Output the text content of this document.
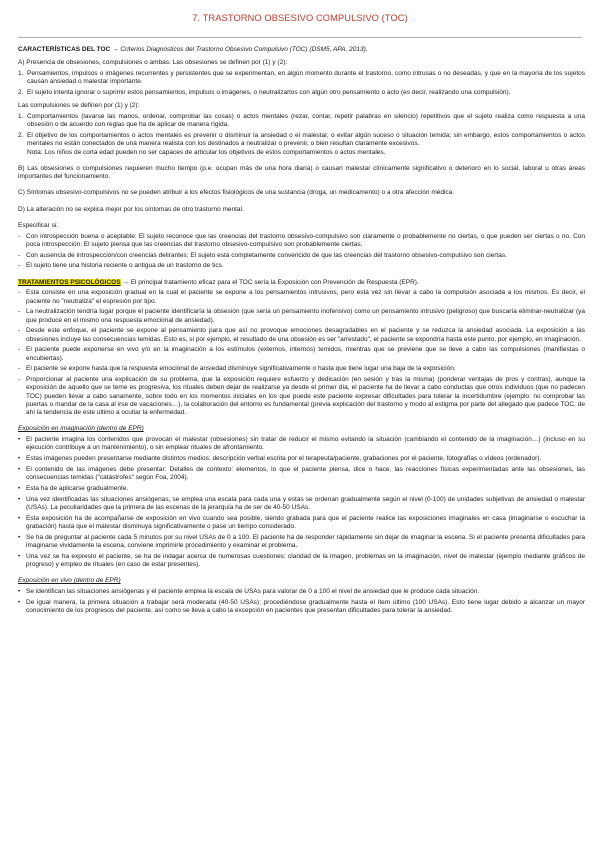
7. TRASTORNO OBSESIVO COMPULSIVO (TOC)

CARACTERÍSTICAS DEL TOC → Criterios Diagnósticos del Trastorno Obsesivo Compulsivo (TOC) (DSM5, APA, 2013).

A) Presencia de obsesiones, compulsiones o ambas: Las obsesiones se definen por (1) y (2):

1. Pensamientos, impulsos o imágenes recurrentes y persistentes que se experimentan, en algún momento durante el trastorno, como intrusas o no deseadas, y que en la mayoría de los sujetos causan ansiedad o malestar importante.
2. El sujeto intenta ignorar o suprimir estos pensamientos, impulsos o imágenes, o neutralizarlos con algún otro pensamiento o acto (es decir, realizando una compulsión).

Las compulsiones se definen por (1) y (2):

1. Comportamientos (lavarse las manos, ordenar, comprobar las cosas) o actos mentales (rezar, contar, repetir palabras en silencio) repetitivos que el sujeto realiza como respuesta a una obsesión o de acuerdo con reglas que ha de aplicar de manera rígida.
2. El objetivo de los comportamientos o actos mentales es prevenir o disminuir la ansiedad o el malestar, o evitar algún suceso o situación temida; sin embargo, estos comportamientos o actos mentales no están conectados de una manera realista con los destinados a neutralizar o prevenir, o bien resultan claramente excesivos.

Nota: Los niños de corta edad pueden no ser capaces de articular los objetivos de estos comportamientos o actos mentales.

B) Las obsesiones o compulsiones requieren mucho tiempo (p.e. ocupan más de una hora diaria) o causan malestar clínicamente significativo o deterioro en lo social, laboral u otras áreas importantes del funcionamiento.

C) Síntomas obsesivo-compulsivos no se pueden atribuir a los efectos fisiológicos de una sustancia (droga, un medicamento) o a otra afección médica.

D) La alteración no se explica mejor por los síntomas de otro trastorno mental.

Especificar si:

- Con introspección buena o aceptable: El sujeto reconoce que las creencias del trastorno obsesivo-compulsivo son claramente o probablemente no ciertas, o que pueden ser ciertas o no. Con poca introspección: El sujeto piensa que las creencias del trastorno obsesivo-compulsivo son probablemente ciertas.
- Con ausencia de introspección/con creencias delirantes: El sujeto está completamente convencido de que las creencias del trastorno obsesivo-compulsivo son ciertas.
- El sujeto tiene una historia reciente o antigua de un trastorno de tics.

TRATAMIENTOS PSICOLÓGICOS → El principal tratamiento eficaz para el TOC sería la Exposición con Prevención de Respuesta (EPR).

- Esta consiste en una exposición gradual en la cual el paciente se expone a los pensamientos intrusivos, pero esta vez sin llevar a cabo la compulsión asociada a los mismos. Es decir, el paciente no "neutraliza" el espresión por tipo.
- La neutralización tendría lugar porque el paciente identificaría la obsesión (que sería un pensamiento inofensivo) como un pensamiento intrusivo (peligroso) que buscaría eliminar-neutralizar (ya que produce en el mismo una respuesta emocional de ansiedad).
- Desde este enfoque, el paciente se expone al pensamiento para que así no provoque emociones desagradables en el paciente y se reduzca la ansiedad asociada. La exposición a las obsesiones incluye las consecuencias temidas. Esto es, si por ejemplo, el resultado de una obsesión es ser "arrestado", el paciente se expondría hasta este punto, por ejemplo, en imaginación.
- El paciente puede exponerse en vivo y/o en la imaginación a los estímulos (externos, internos) temidos, mientras que se previene que se lleve a cabo las compulsiones (manifiestas o encubiertas).
- El paciente se expone hasta que la respuesta emocional de ansiedad disminuye significativamente o hasta que tiene lugar una baja de la exposición.
- Proporcionar al paciente una explicación de su problema, que la exposición requiere esfuerzo y dedicación (en sesión y tras la misma) (ponderar ventajas de pros y contras), aunque la exposición de aquello que se teme es progresiva, los rituales deben dejar de realizarse ya desde el primer día, el paciente ha de llevar a cabo conductas que otros individuos (que no padecen TOC) pueden llevar a cabo sanamente, sobre todo en los momentos iniciales en los que puede este paciente expresar dificultades para tolerar la incertidumbre (ejemplo: no comprobar las puertas o mandar de la casa al irse de vacaciones…), la colaboración del entorno es fundamental (previa explicación del trastorno y modo al estigma por parte del allegado que padece TOC, de ahí la tendencia de este último a ocultar la enfermedad.

Exposición en imaginación (dentro de EPR)

• El paciente imagina los contenidos que provocan el malestar (obsesiones) sin tratar de reducir el mismo evitando la situación (cambiando el contenido de la imaginación…) (incluso en su ejecución contribuye a un mantenimiento), o sin emplear rituales de afrontamiento.
• Estas imágenes pueden presentarse mediante distintos medios: descripción verbal escrita por el terapeuta/paciente, grabaciones por el paciente, fotografías o vídeos (ordenador).
• El contenido de las imágenes debe presentar: Detalles de contexto: elementos, lo que el paciente piensa, dice o hace, las reacciones físicas experimentadas ante las obsesiones, las consecuencias temidas ("catástrofes" según Foa, 2004).
• Esta ha de aplicarse gradualmente.
• Una vez identificadas las situaciones ansiógenas, se emplea una escala para cada una y estas se ordenan gradualmente según el nivel (0-100) de unidades subjetivas de ansiedad o malestar (USAs). La peculiaridades que la primera de las escenas de la jerarquía ha de ser de 40-50 USAs.
• Esta exposición ha de acompañarse de exposición en vivo cuando sea posible, siendo grabada para que el paciente realice las exposiciones imaginales en casa (imaginarse o escuchar la grabación) hasta que el malestar disminuya significativamente o pase un tiempo considerado.
• Se ha de preguntar al paciente cada 5 minutos por su nivel USAs de 0 a 100. El paciente ha de responder rápidamente sin dejar de imaginar la escena. Si el paciente presenta dificultades para imaginarse vividamente la escena, conviene imprimirle procedimiento y examinar el problema.
• Una vez se ha expresto el paciente, se ha de indagar acerca de numerosas cuestiones: claridad de la imagen, problemas en la imaginación, nivel de malestar (ejemplo mediante gráficos de progreso) y empleo de rituales (en caso de estar presentes).

Exposición en vivo (dentro de EPR)

• Se identifican las situaciones ansiógenas y el paciente emplea la escala de USAs para valorar de 0 a 100 el nivel de ansiedad que le produce cada situación.
• De igual manera, la primera situación a trabajar será moderada (40-50 USAs); procediéndose gradualmente hasta el ítem último (100 USAs). Esto tiene lugar debido a alcanzar un mayor conocimiento de los progresos del paciente, así como se lleva a cabo la excepción en pacientes que presentan dificultades para tolerar la ansiedad.
